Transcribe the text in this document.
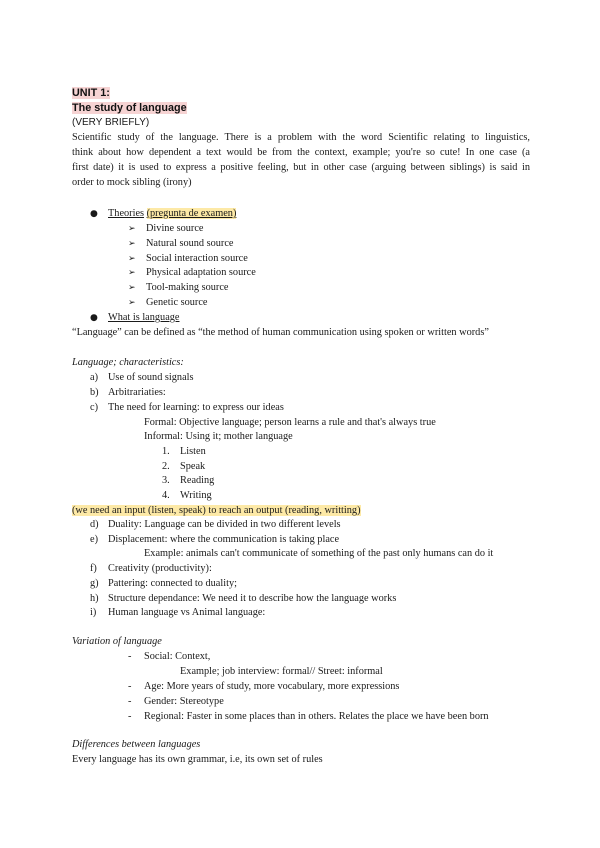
UNIT 1:
The study of language
(VERY BRIEFLY)
Scientific study of the language. There is a problem with the word Scientific relating to linguistics,
think about how dependent a text would be from the context, example; you're so cute! In one case (a
first date) it is used to express a positive feeling, but in other case (arguing between siblings) is said in
order to mock sibling (irony)
● Theories (pregunta de examen)
➢ Divine source
➢ Natural sound source
➢ Social interaction source
➢ Physical adaptation source
➢ Tool-making source
➢ Genetic source
● What is language
“Language” can be defined as “the method of human communication using spoken or written words”
Language; characteristics:
a) Use of sound signals
b) Arbitrariaties:
c) The need for learning: to express our ideas
Formal: Objective language; person learns a rule and that's always true
Informal: Using it; mother language
1. Listen
2. Speak
3. Reading
4. Writing
(we need an input (listen, speak) to reach an output (reading, writting)
d) Duality: Language can be divided in two different levels
e) Displacement: where the communication is taking place
Example: animals can't communicate of something of the past only humans can do it
f) Creativity (productivity):
g) Pattering: connected to duality;
h) Structure dependance: We need it to describe how the language works
i) Human language vs Animal language:
Variation of language
- Social: Context,
Example; job interview: formal// Street: informal
- Age: More years of study, more vocabulary, more expressions
- Gender: Stereotype
- Regional: Faster in some places than in others. Relates the place we have been born
Differences between languages
Every language has its own grammar, i.e, its own set of rules
